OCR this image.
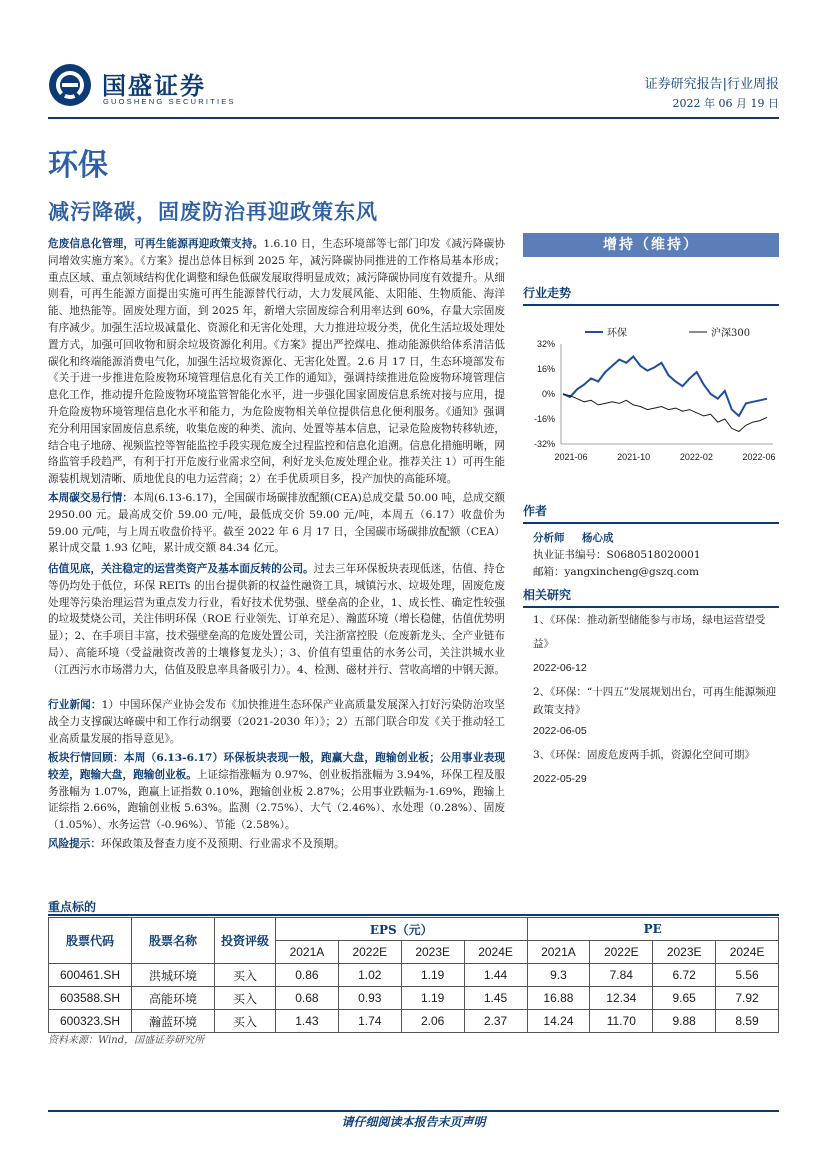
国盛证券
GUOSHENG SECURITIES
证券研究报告|行业周报
2022 年 06 月 19 日
环保
减污降碳，固废防治再迎政策东风
危废信息化管理，可再生能源再迎政策支持。1.6.10 日，生态环境部等七部门印发《减污降碳协同增效实施方案》。《方案》提出总体目标到 2025 年，减污降碳协同推进的工作格局基本形成；重点区域、重点领域结构优化调整和绿色低碳发展取得明显成效；减污降碳协同度有效提升。从细则看，可再生能源方面提出实施可再生能源替代行动，大力发展风能、太阳能、生物质能、海洋能、地热能等。固废处理方面，到 2025 年，新增大宗固废综合利用率达到 60%，存量大宗固废有序减少。加强生活垃圾减量化、资源化和无害化处理，大力推进垃圾分类，优化生活垃圾处理处置方式，加强可回收物和厨余垃圾资源化利用。《方案》提出严控煤电、推动能源供给体系清洁低碳化和终端能源消费电气化，加强生活垃圾资源化、无害化处置。2.6 月 17 日，生态环境部发布《关于进一步推进危险废物环境管理信息化有关工作的通知》，强调持续推进危险废物环境管理信息化工作，推动提升危险废物环境监管智能化水平，进一步强化国家固废信息系统对接与应用，提升危险废物环境管理信息化水平和能力，为危险废物相关单位提供信息化便利服务。《通知》强调充分利用国家固废信息系统，收集危废的种类、流向、处置等基本信息，记录危险废物转移轨迹，结合电子地磅、视频监控等智能监控手段实现危废全过程监控和信息化追溯。信息化措施明晰，网络监管手段趋严，有利于打开危废行业需求空间，利好龙头危废处理企业。推荐关注 1）可再生能源装机规划清晰、质地优良的电力运营商；2）在手优质项目多，投产加快的高能环境。
本周碳交易行情：本周(6.13-6.17)，全国碳市场碳排放配额(CEA)总成交量 50.00 吨，总成交额 2950.00 元。最高成交价 59.00 元/吨，最低成交价 59.00 元/吨，本周五（6.17）收盘价为 59.00 元/吨，与上周五收盘价持平。截至 2022 年 6 月 17 日，全国碳市场碳排放配额（CEA）累计成交量 1.93 亿吨，累计成交额 84.34 亿元。
估值见底，关注稳定的运营类资产及基本面反转的公司。过去三年环保板块表现低迷，估值、持仓等仍均处于低位，环保 REITs 的出台提供新的权益性融资工具，城镇污水、垃圾处理，固废危废处理等污染治理运营为重点发力行业，看好技术优势强、壁垒高的企业，1、成长性、确定性较强的垃圾焚烧公司，关注伟明环保（ROE 行业领先、订单充足）、瀚蓝环境（增长稳健，估值优势明显）；2、在手项目丰富，技术强壁垒高的危废处置公司，关注浙富控股（危废新龙头、全产业链布局）、高能环境（受益融资改善的土壤修复龙头）；3、价值有望重估的水务公司，关注洪城水业（江西污水市场潜力大，估值及股息率具备吸引力）。4、检测、磁材并行、营收高增的中钢天源。
行业新闻：1）中国环保产业协会发布《加快推进生态环保产业高质量发展深入打好污染防治攻坚战全力支撑碳达峰碳中和工作行动纲要（2021-2030 年）》；2）五部门联合印发《关于推动轻工业高质量发展的指导意见》。
板块行情回顾：本周（6.13-6.17）环保板块表现一般，跑赢大盘，跑输创业板；公用事业表现较差，跑输大盘，跑输创业板。上证综指涨幅为 0.97%、创业板指涨幅为 3.94%，环保工程及服务涨幅为 1.07%，跑赢上证指数 0.10%，跑输创业板 2.87%；公用事业跌幅为-1.69%，跑输上证综指 2.66%，跑输创业板 5.63%。监测（2.75%）、大气（2.46%）、水处理（0.28%）、固废（1.05%）、水务运营（-0.96%）、节能（2.58%）。
风险提示：环保政策及督查力度不及预期、行业需求不及预期。
增持（维持）
行业走势
环保	沪深300
32%
16%
0%
-16%
-32%
2021-06	2021-10	2022-02	2022-06
作者
分析师 杨心成
执业证书编号：S0680518020001
邮箱：yangxincheng@gszq.com
相关研究
1、《环保：推动新型储能参与市场，绿电运营望受益》
2022-06-12
2、《环保：“十四五”发展规划出台，可再生能源频迎政策支持》
2022-06-05
3、《环保：固废危废两手抓，资源化空间可期》
2022-05-29
重点标的
股票代码	股票名称	投资评级	EPS（元）				PE			
			2021A	2022E	2023E	2024E	2021A	2022E	2023E	2024E
600461.SH	洪城环境	买入	0.86	1.02	1.19	1.44	9.3	7.84	6.72	5.56
603588.SH	高能环境	买入	0.68	0.93	1.19	1.45	16.88	12.34	9.65	7.92
600323.SH	瀚蓝环境	买入	1.43	1.74	2.06	2.37	14.24	11.70	9.88	8.59
资料来源：Wind，国盛证券研究所
请仔细阅读本报告末页声明
